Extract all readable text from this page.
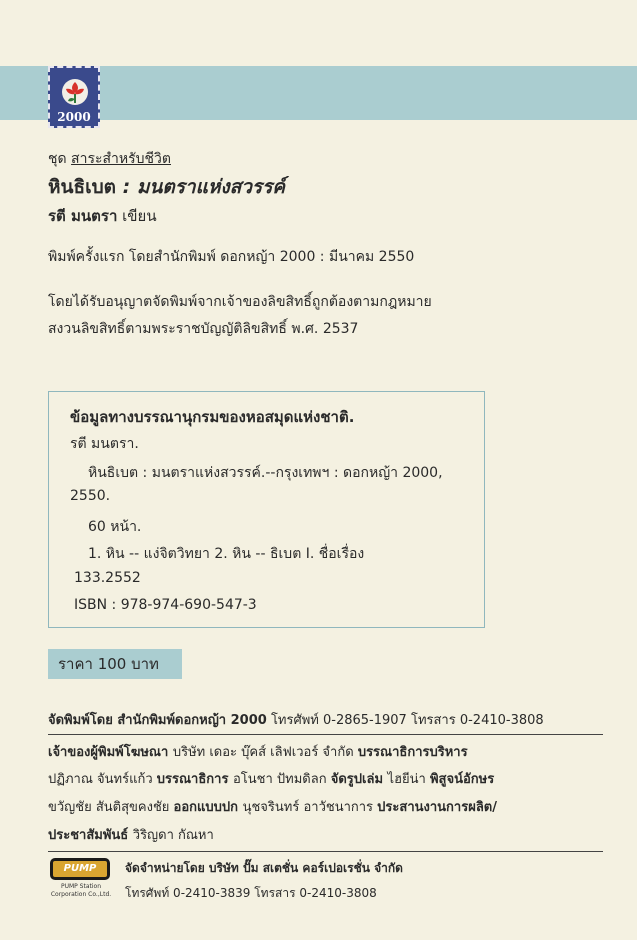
2000
ชุด สาระสำหรับชีวิต
หินธิเบต : มนตราแห่งสวรรค์
รตี มนตรา เขียน
พิมพ์ครั้งแรก โดยสำนักพิมพ์ ดอกหญ้า 2000 : มีนาคม 2550
โดยได้รับอนุญาตจัดพิมพ์จากเจ้าของลิขสิทธิ์ถูกต้องตามกฎหมาย
สงวนลิขสิทธิ์ตามพระราชบัญญัติลิขสิทธิ์ พ.ศ. 2537
ข้อมูลทางบรรณานุกรมของหอสมุดแห่งชาติ.
รตี มนตรา.
หินธิเบต : มนตราแห่งสวรรค์.--กรุงเทพฯ : ดอกหญ้า 2000,
2550.
60 หน้า.
1. หิน -- แง่จิตวิทยา 2. หิน -- ธิเบต I. ชื่อเรื่อง
133.2552
ISBN : 978-974-690-547-3
ราคา 100 บาท
จัดพิมพ์โดย สำนักพิมพ์ดอกหญ้า 2000 โทรศัพท์ 0-2865-1907 โทรสาร 0-2410-3808
เจ้าของผู้พิมพ์โฆษณา บริษัท เดอะ บุ๊คส์ เลิฟเวอร์ จำกัด บรรณาธิการบริหาร
ปฏิภาณ จันทร์แก้ว บรรณาธิการ อโนชา ปัทมดิลก จัดรูปเล่ม ไฮยีน่า พิสูจน์อักษร
ขวัญชัย สันติสุขคงชัย ออกแบบปก นุชจรินทร์ อาวัชนาการ ประสานงานการผลิต/
ประชาสัมพันธ์ วิริญดา กัณหา
PUMP
PUMP Station Corporation Co.,Ltd.
จัดจำหน่ายโดย บริษัท ปั๊ม สเตชั่น คอร์เปอเรชั่น จำกัด
โทรศัพท์ 0-2410-3839 โทรสาร 0-2410-3808
